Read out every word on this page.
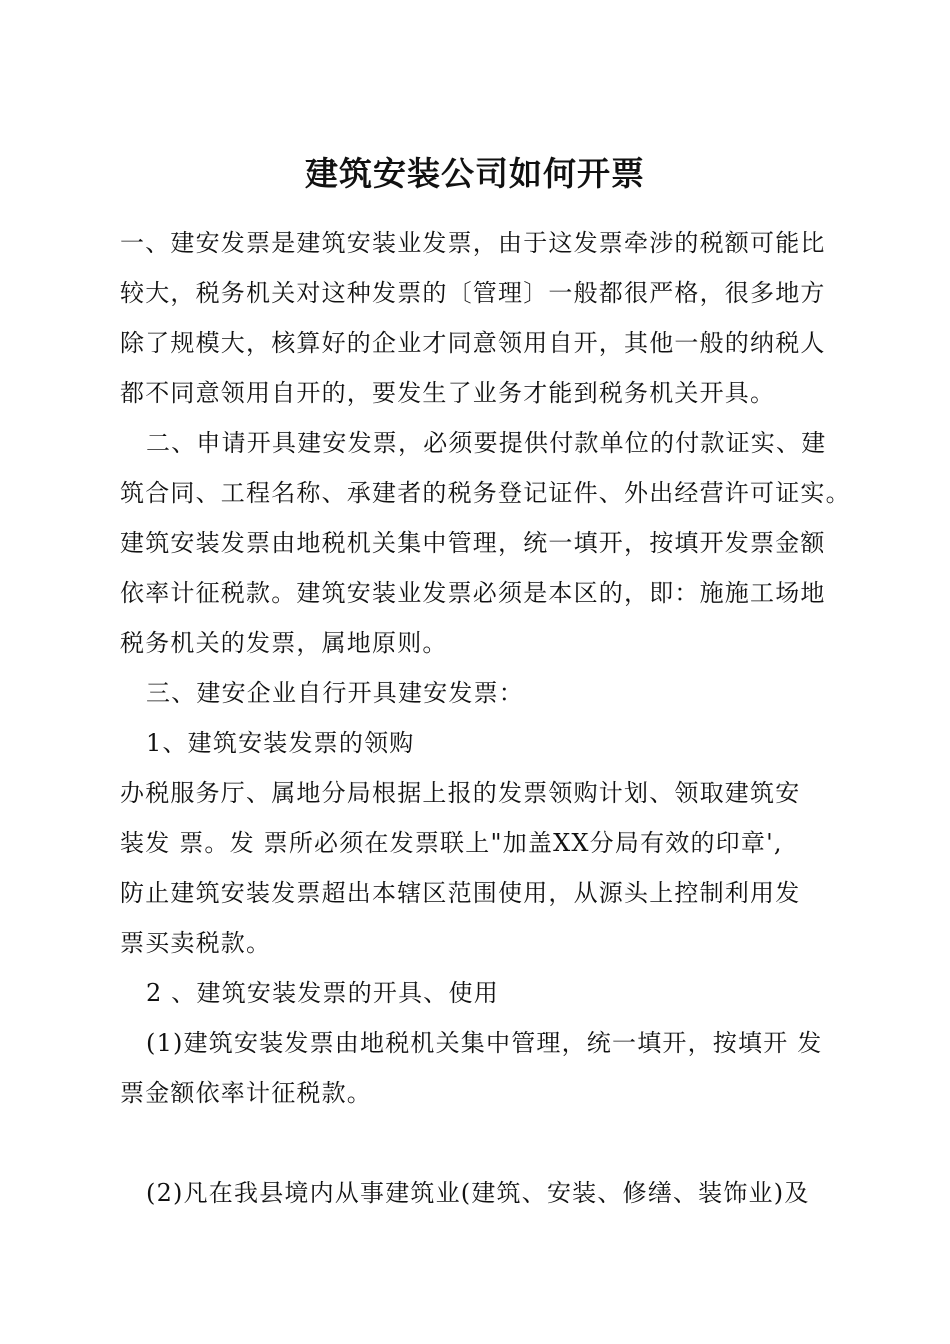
建筑安装公司如何开票
一、建安发票是建筑安装业发票，由于这发票牵涉的税额可能比
较大，税务机关对这种发票的〔管理〕一般都很严格，很多地方
除了规模大，核算好的企业才同意领用自开，其他一般的纳税人
都不同意领用自开的，要发生了业务才能到税务机关开具。
二、申请开具建安发票，必须要提供付款单位的付款证实、建
筑合同、工程名称、承建者的税务登记证件、外出经营许可证实。
建筑安装发票由地税机关集中管理，统一填开，按填开发票金额
依率计征税款。建筑安装业发票必须是本区的，即：施施工场地
税务机关的发票，属地原则。
三、建安企业自行开具建安发票：
1、建筑安装发票的领购
办税服务厅、属地分局根据上报的发票领购计划、领取建筑安
装发 票。发 票所必须在发票联上"加盖XX分局有效的印章',
防止建筑安装发票超出本辖区范围使用，从源头上控制利用发
票买卖税款。
2 、建筑安装发票的开具、使用
(1)建筑安装发票由地税机关集中管理，统一填开，按填开 发
票金额依率计征税款。
(2)凡在我县境内从事建筑业(建筑、安装、修缮、装饰业)及
